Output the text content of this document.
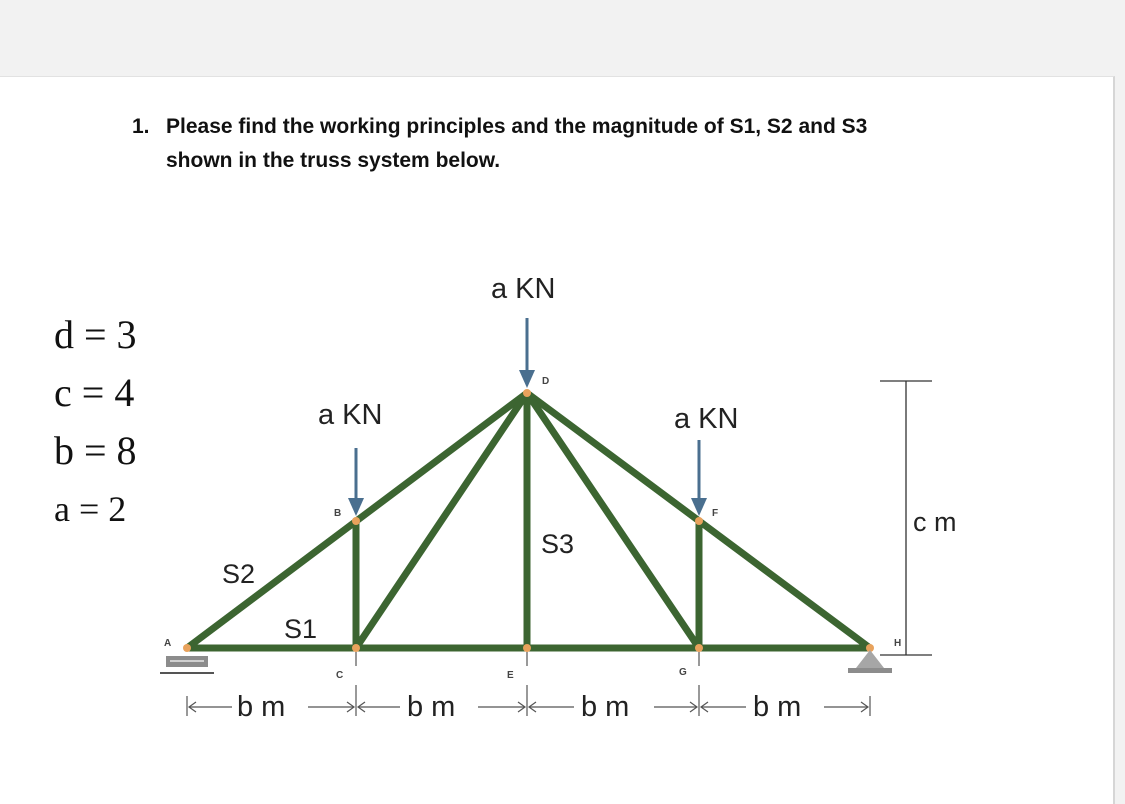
1. Please find the working principles and the magnitude of S1, S2 and S3
shown in the truss system below.
d = 3
c = 4
b = 8
a = 2
a KN
a KN	a KN
S2
S1
S3
A
B
C
D
E
F
G
H
b m	b m	b m	b m
c m
